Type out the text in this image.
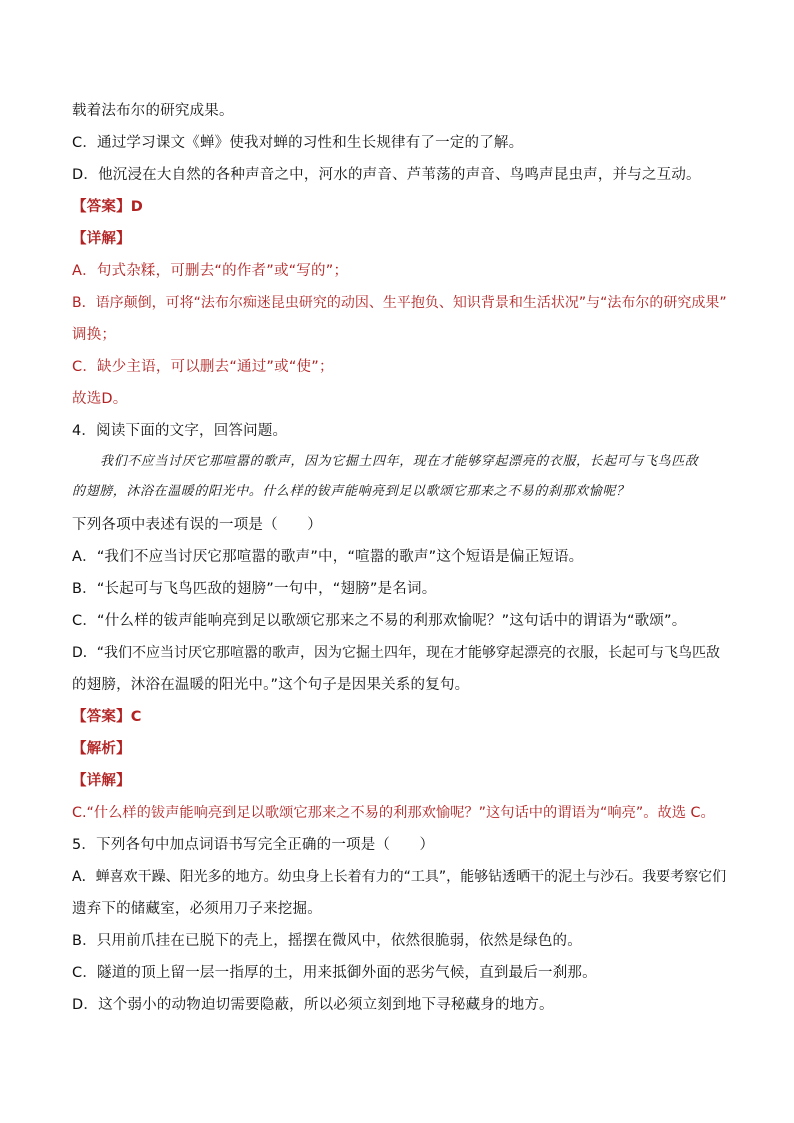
载着法布尔的研究成果。
C．通过学习课文《蝉》使我对蝉的习性和生长规律有了一定的了解。
D．他沉浸在大自然的各种声音之中，河水的声音、芦苇荡的声音、鸟鸣声昆虫声，并与之互动。
【答案】D
【详解】
A．句式杂糅，可删去“的作者”或“写的”；
B．语序颠倒，可将“法布尔痴迷昆虫研究的动因、生平抱负、知识背景和生活状况”与“法布尔的研究成果”
调换；
C．缺少主语，可以删去“通过”或“使”；
故选D。
4．阅读下面的文字，回答问题。
我们不应当讨厌它那喧嚣的歌声，因为它掘土四年，现在才能够穿起漂亮的衣服，长起可与飞鸟匹敌
的翅膀，沐浴在温暖的阳光中。什么样的钹声能响亮到足以歌颂它那来之不易的刹那欢愉呢？
下列各项中表述有误的一项是（　　）
A．“我们不应当讨厌它那喧嚣的歌声”中，“喧嚣的歌声”这个短语是偏正短语。
B．“长起可与飞鸟匹敌的翅膀”一句中，“翅膀”是名词。
C．“什么样的钹声能响亮到足以歌颂它那来之不易的利那欢愉呢？”这句话中的谓语为“歌颂”。
D．“我们不应当讨厌它那喧嚣的歌声，因为它掘土四年，现在才能够穿起漂亮的衣服，长起可与飞鸟匹敌
的翅膀，沐浴在温暖的阳光中。”这个句子是因果关系的复句。
【答案】C
【解析】
【详解】
C.“什么样的钹声能响亮到足以歌颂它那来之不易的利那欢愉呢？”这句话中的谓语为“响亮”。故选 C。
5．下列各句中加点词语书写完全正确的一项是（　　）
A．蝉喜欢干躁、阳光多的地方。幼虫身上长着有力的“工具”，能够钻透晒干的泥土与沙石。我要考察它们
遗弃下的储藏室，必须用刀子来挖掘。
B．只用前爪挂在已脱下的壳上，摇摆在微风中，依然很脆弱，依然是绿色的。
C．隧道的顶上留一层一指厚的土，用来抵御外面的恶劣气候，直到最后一刹那。
D．这个弱小的动物迫切需要隐蔽，所以必须立刻到地下寻秘藏身的地方。
